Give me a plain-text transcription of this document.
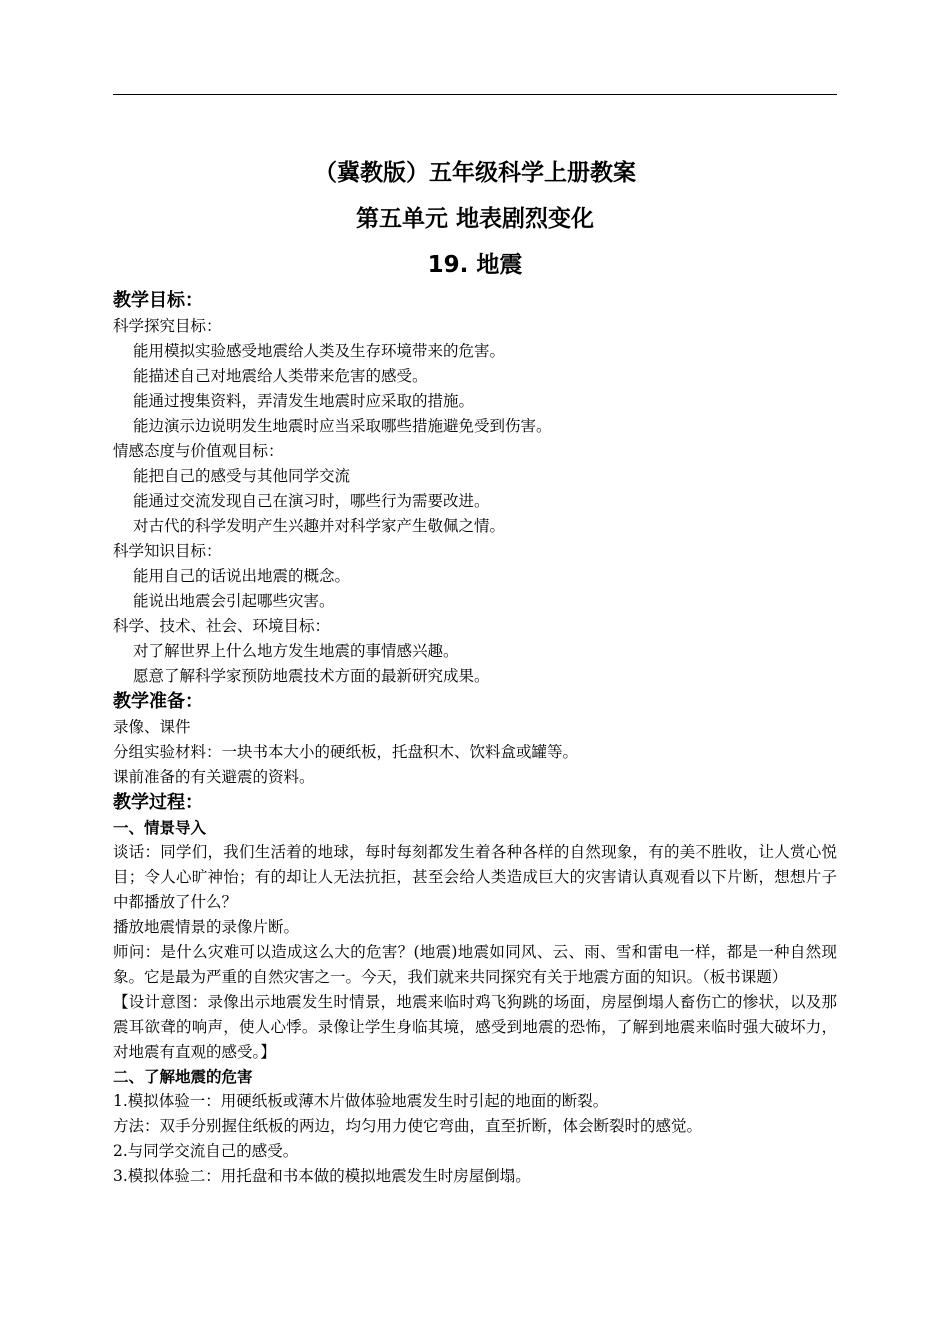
（冀教版）五年级科学上册教案

第五单元 地表剧烈变化

19. 地震

教学目标：

科学探究目标：

能用模拟实验感受地震给人类及生存环境带来的危害。

能描述自己对地震给人类带来危害的感受。

能通过搜集资料，弄清发生地震时应采取的措施。

能边演示边说明发生地震时应当采取哪些措施避免受到伤害。

情感态度与价值观目标：

能把自己的感受与其他同学交流

能通过交流发现自己在演习时，哪些行为需要改进。

对古代的科学发明产生兴趣并对科学家产生敬佩之情。

科学知识目标：

能用自己的话说出地震的概念。

能说出地震会引起哪些灾害。

科学、技术、社会、环境目标：

对了解世界上什么地方发生地震的事情感兴趣。

愿意了解科学家预防地震技术方面的最新研究成果。

教学准备：

录像、课件

分组实验材料：一块书本大小的硬纸板，托盘积木、饮料盒或罐等。

课前准备的有关避震的资料。

教学过程：

一、情景导入

谈话：同学们，我们生活着的地球，每时每刻都发生着各种各样的自然现象，有的美不胜收，让人赏心悦目；令人心旷神怡；有的却让人无法抗拒，甚至会给人类造成巨大的灾害请认真观看以下片断，想想片子中都播放了什么？

播放地震情景的录像片断。

师问：是什么灾难可以造成这么大的危害？(地震)地震如同风、云、雨、雪和雷电一样，都是一种自然现象。它是最为严重的自然灾害之一。今天，我们就来共同探究有关于地震方面的知识。（板书课题）

【设计意图：录像出示地震发生时情景，地震来临时鸡飞狗跳的场面，房屋倒塌人畜伤亡的惨状，以及那震耳欲聋的响声，使人心悸。录像让学生身临其境，感受到地震的恐怖，了解到地震来临时强大破坏力，对地震有直观的感受。】

二、了解地震的危害

1.模拟体验一：用硬纸板或薄木片做体验地震发生时引起的地面的断裂。

方法：双手分别握住纸板的两边，均匀用力使它弯曲，直至折断，体会断裂时的感觉。

2.与同学交流自己的感受。

3.模拟体验二：用托盘和书本做的模拟地震发生时房屋倒塌。
